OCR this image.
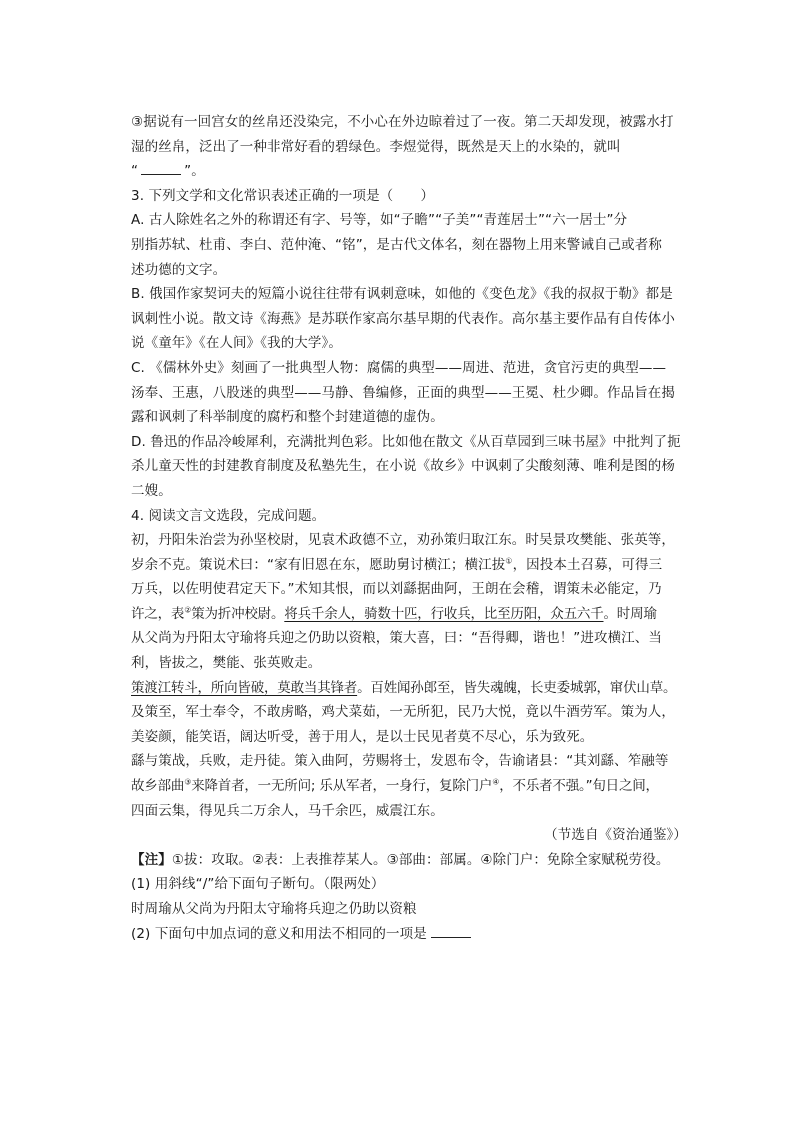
③据说有一回宫女的丝帛还没染完，不小心在外边晾着过了一夜。第二天却发现，被露水打
湿的丝帛，泛出了一种非常好看的碧绿色。李煜觉得，既然是天上的水染的，就叫
“	”。
3. 下列文学和文化常识表述正确的一项是（　　）
A. 古人除姓名之外的称谓还有字、号等，如“子瞻”“子美”“青莲居士”“六一居士”分
别指苏轼、杜甫、李白、范仲淹、“铭”，是古代文体名，刻在器物上用来警诫自己或者称
述功德的文字。
B. 俄国作家契诃夫的短篇小说往往带有讽刺意味，如他的《变色龙》《我的叔叔于勒》都是
讽刺性小说。散文诗《海燕》是苏联作家高尔基早期的代表作。高尔基主要作品有自传体小
说《童年》《在人间》《我的大学》。
C. 《儒林外史》刻画了一批典型人物：腐儒的典型——周进、范进，贪官污吏的典型——
汤奉、王惠，八股迷的典型——马静、鲁编修，正面的典型——王冕、杜少卿。作品旨在揭
露和讽刺了科举制度的腐朽和整个封建道德的虚伪。
D. 鲁迅的作品冷峻犀利，充满批判色彩。比如他在散文《从百草园到三味书屋》中批判了扼
杀儿童天性的封建教育制度及私塾先生，在小说《故乡》中讽刺了尖酸刻薄、唯利是图的杨
二嫂。
4. 阅读文言文选段，完成问题。
初，丹阳朱治尝为孙坚校尉，见袁术政德不立，劝孙策归取江东。时吴景攻樊能、张英等，
岁余不克。策说术曰：“家有旧恩在东，愿助舅讨横江；横江拔①，因投本土召募，可得三
万兵，以佐明使君定天下。”术知其恨，而以刘繇据曲阿，王朗在会稽，谓策未必能定，乃
许之，表②策为折冲校尉。将兵千余人，骑数十匹，行收兵，比至历阳，众五六千。时周瑜
从父尚为丹阳太守瑜将兵迎之仍助以资粮，策大喜，曰：“吾得卿，谐也！”进攻横江、当
利，皆拔之，樊能、张英败走。
策渡江转斗，所向皆破，莫敢当其锋者。百姓闻孙郎至，皆失魂魄，长吏委城郭，窜伏山草。
及策至，军士奉令，不敢虏略，鸡犬菜茹，一无所犯，民乃大悦，竟以牛酒劳军。策为人，
美姿颜，能笑语，阔达听受，善于用人，是以士民见者莫不尽心，乐为致死。
繇与策战，兵败，走丹徒。策入曲阿，劳赐将士，发恩布令，告谕诸县：“其刘繇、笮融等
故乡部曲③来降首者，一无所问; 乐从军者，一身行，复除门户④，不乐者不强。”旬日之间，
四面云集，得见兵二万余人，马千余匹，威震江东。
（节选自《资治通鉴》）
【注】①拔：攻取。②表：上表推荐某人。③部曲：部属。④除门户：免除全家赋税劳役。
(1) 用斜线“/”给下面句子断句。（限两处）
时周瑜从父尚为丹阳太守瑜将兵迎之仍助以资粮
(2) 下面句中加点词的意义和用法不相同的一项是
